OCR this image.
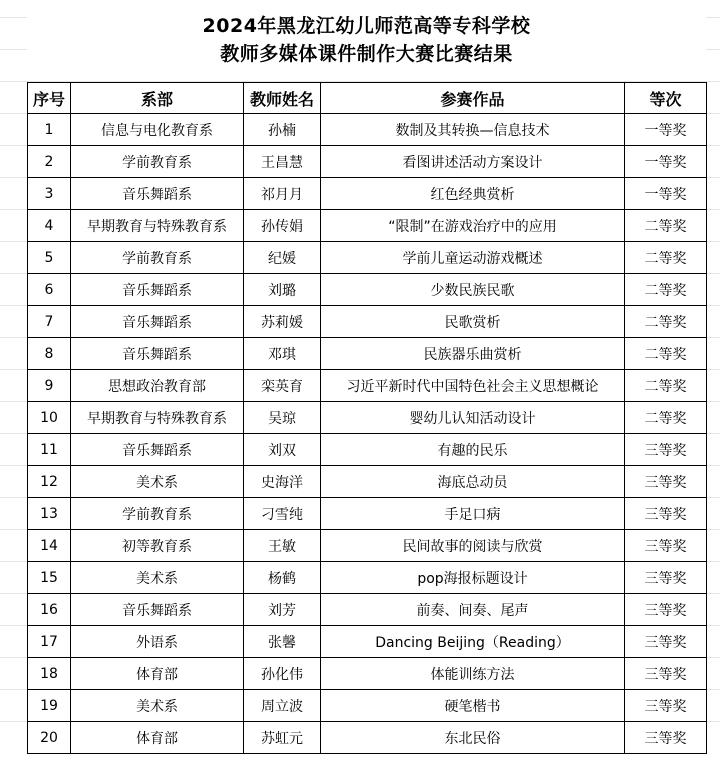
2024年黑龙江幼儿师范高等专科学校
教师多媒体课件制作大赛比赛结果
序号	系部	教师姓名	参赛作品	等次
1	信息与电化教育系	孙楠	数制及其转换—信息技术	一等奖
2	学前教育系	王昌慧	看图讲述活动方案设计	一等奖
3	音乐舞蹈系	祁月月	红色经典赏析	一等奖
4	早期教育与特殊教育系	孙传娟	“限制”在游戏治疗中的应用	二等奖
5	学前教育系	纪媛	学前儿童运动游戏概述	二等奖
6	音乐舞蹈系	刘璐	少数民族民歌	二等奖
7	音乐舞蹈系	苏莉媛	民歌赏析	二等奖
8	音乐舞蹈系	邓琪	民族器乐曲赏析	二等奖
9	思想政治教育部	栾英育	习近平新时代中国特色社会主义思想概论	二等奖
10	早期教育与特殊教育系	吴琼	婴幼儿认知活动设计	二等奖
11	音乐舞蹈系	刘双	有趣的民乐	三等奖
12	美术系	史海洋	海底总动员	三等奖
13	学前教育系	刁雪纯	手足口病	三等奖
14	初等教育系	王敏	民间故事的阅读与欣赏	三等奖
15	美术系	杨鹤	pop海报标题设计	三等奖
16	音乐舞蹈系	刘芳	前奏、间奏、尾声	三等奖
17	外语系	张馨	Dancing Beijing（Reading）	三等奖
18	体育部	孙化伟	体能训练方法	三等奖
19	美术系	周立波	硬笔楷书	三等奖
20	体育部	苏虹元	东北民俗	三等奖
